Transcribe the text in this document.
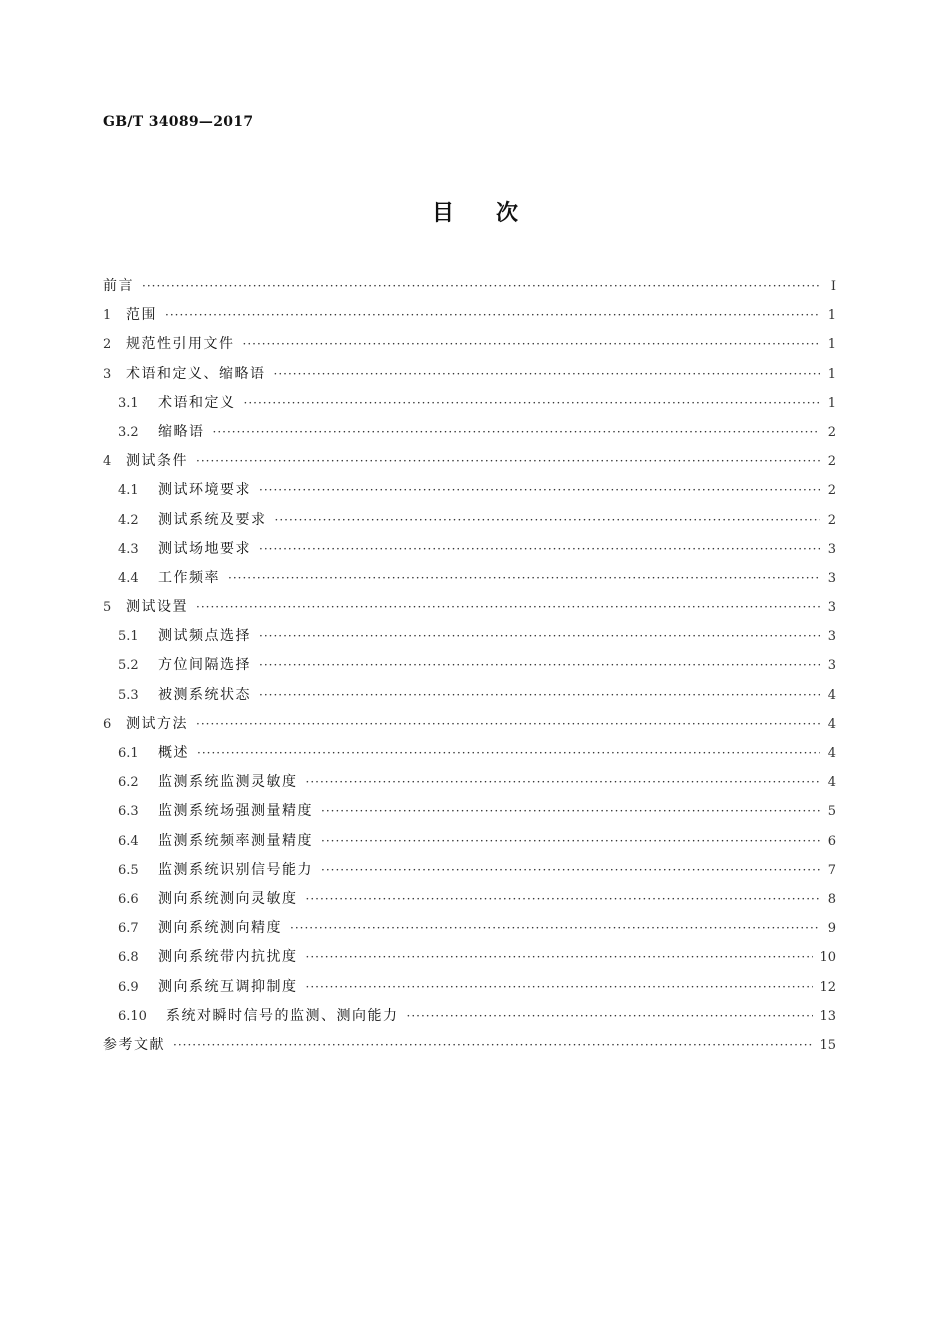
GB/T 34089—2017
目次
前言 ·····	Ⅰ
1	范围 ·····	1
2	规范性引用文件 ·····	1
3	术语和定义、缩略语 ·····	1
3.1	术语和定义 ·····	1
3.2	缩略语 ·····	2
4	测试条件 ·····	2
4.1	测试环境要求 ·····	2
4.2	测试系统及要求 ·····	2
4.3	测试场地要求 ·····	3
4.4	工作频率 ·····	3
5	测试设置 ·····	3
5.1	测试频点选择 ·····	3
5.2	方位间隔选择 ·····	3
5.3	被测系统状态 ·····	4
6	测试方法 ·····	4
6.1	概述 ·····	4
6.2	监测系统监测灵敏度 ·····	4
6.3	监测系统场强测量精度 ·····	5
6.4	监测系统频率测量精度 ·····	6
6.5	监测系统识别信号能力 ·····	7
6.6	测向系统测向灵敏度 ·····	8
6.7	测向系统测向精度 ·····	9
6.8	测向系统带内抗扰度 ·····	10
6.9	测向系统互调抑制度 ·····	12
6.10	系统对瞬时信号的监测、测向能力 ·····	13
参考文献 ·····	15
